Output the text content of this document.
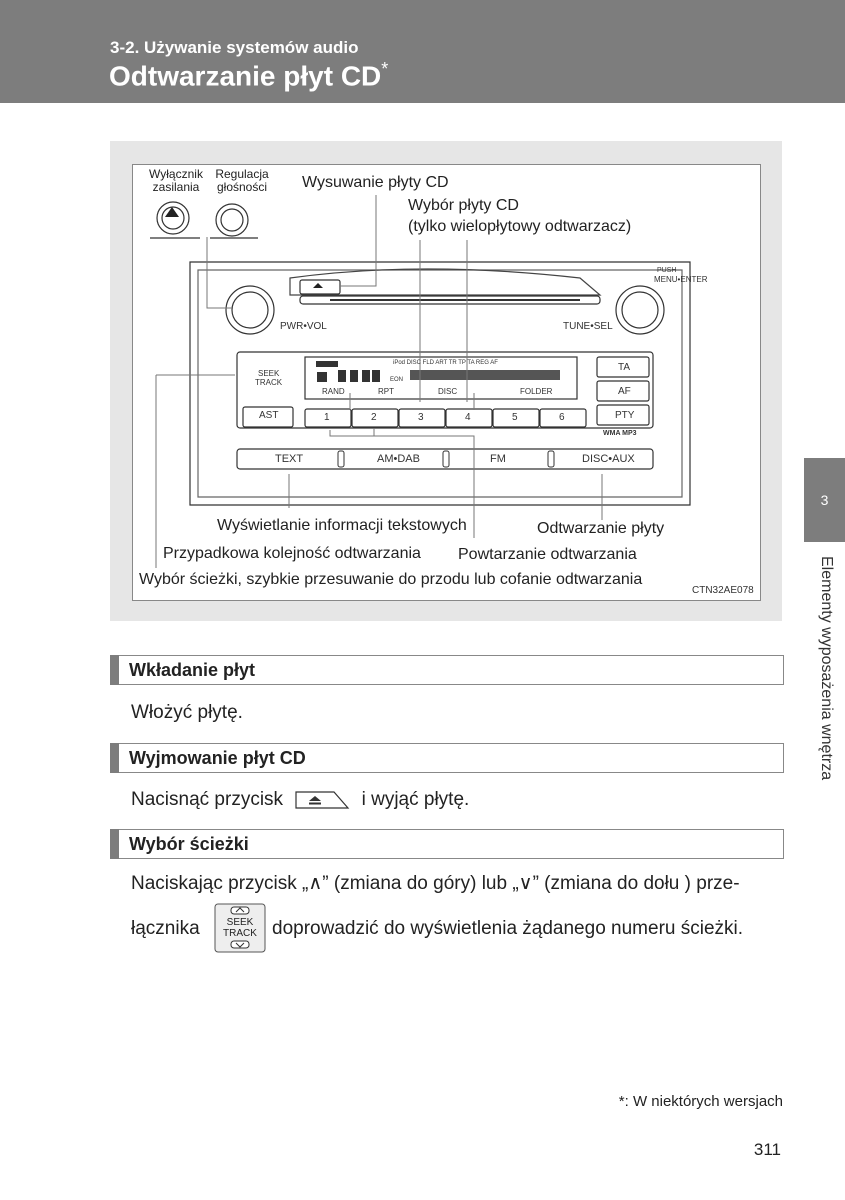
3-2. Używanie systemów audio
Odtwarzanie płyt CD*
3
Elementy wyposażenia wnętrza
Wyłącznik
zasilania
Regulacja
głośności	Wysuwanie płyty CD
Wybór płyty CD
(tylko wielopłytowy odtwarzacz)
PWR•VOL	TUNE•SEL
PUSH
MENU•ENTER
SEEK
TRACK
AST
TA
AF
PTY
1	2	3	4	5	6
WMA MP3
RAND	RPT	DISC	FOLDER
iPod DISC FLD ART TR TP TA REG AF
EON
TEXT	AM•DAB	FM	DISC•AUX
Wyświetlanie informacji tekstowych	Odtwarzanie płyty
Przypadkowa kolejność odtwarzania Powtarzanie odtwarzania
Wybór ścieżki, szybkie przesuwanie do przodu lub cofanie odtwarzania
CTN32AE078
Wkładanie płyt
Włożyć płytę.
Wyjmowanie płyt CD
Nacisnąć przycisk	i wyjąć płytę.
Wybór ścieżki
Naciskając przycisk „∧” (zmiana do góry) lub „∨” (zmiana do dołu ) prze-
łącznika	SEEK
TRACK doprowadzić do wyświetlenia żądanego numeru ścieżki.
*: W niektórych wersjach
311
